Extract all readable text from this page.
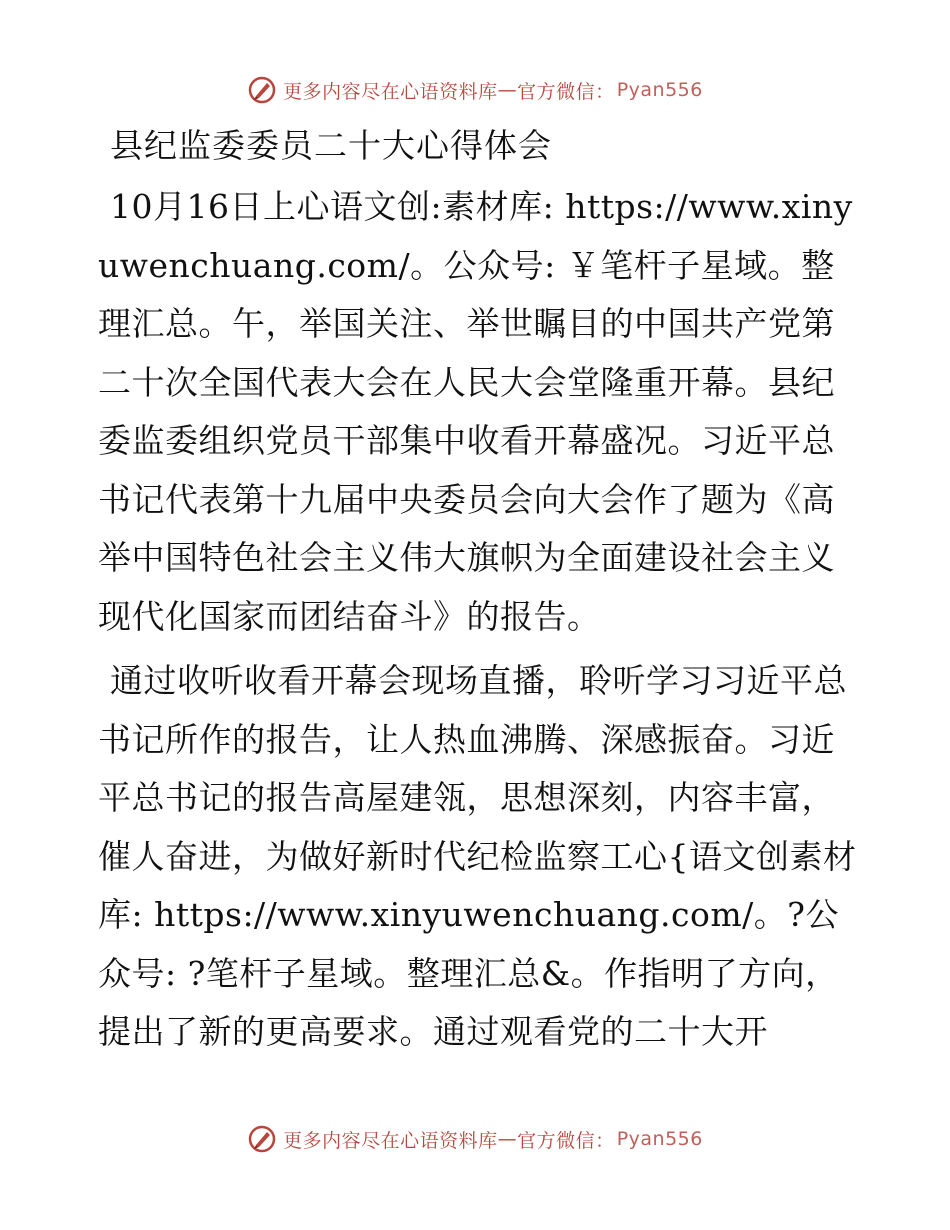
更多内容尽在心语资料库 — 官方微信： Pyan556
县纪监委委员二十大心得体会

10月16日上心语文创:素材库: https://www.xinyuwenchuang.com/。公众号: ￥笔杆子星域。整理汇总。午，举国关注、举世瞩目的中国共产党第二十次全国代表大会在人民大会堂隆重开幕。县纪委监委组织党员干部集中收看开幕盛况。习近平总书记代表第十九届中央委员会向大会作了题为《高举中国特色社会主义伟大旗帜为全面建设社会主义现代化国家而团结奋斗》的报告。

通过收听收看开幕会现场直播，聆听学习习近平总书记所作的报告，让人热血沸腾、深感振奋。习近平总书记的报告高屋建瓴，思想深刻，内容丰富，催人奋进，为做好新时代纪检监察工心{语文创素材库: https://www.xinyuwenchuang.com/。?公众号: ?笔杆子星域。整理汇总&。作指明了方向，提出了新的更高要求。通过观看党的二十大开

更多内容尽在心语资料库 — 官方微信： Pyan556
